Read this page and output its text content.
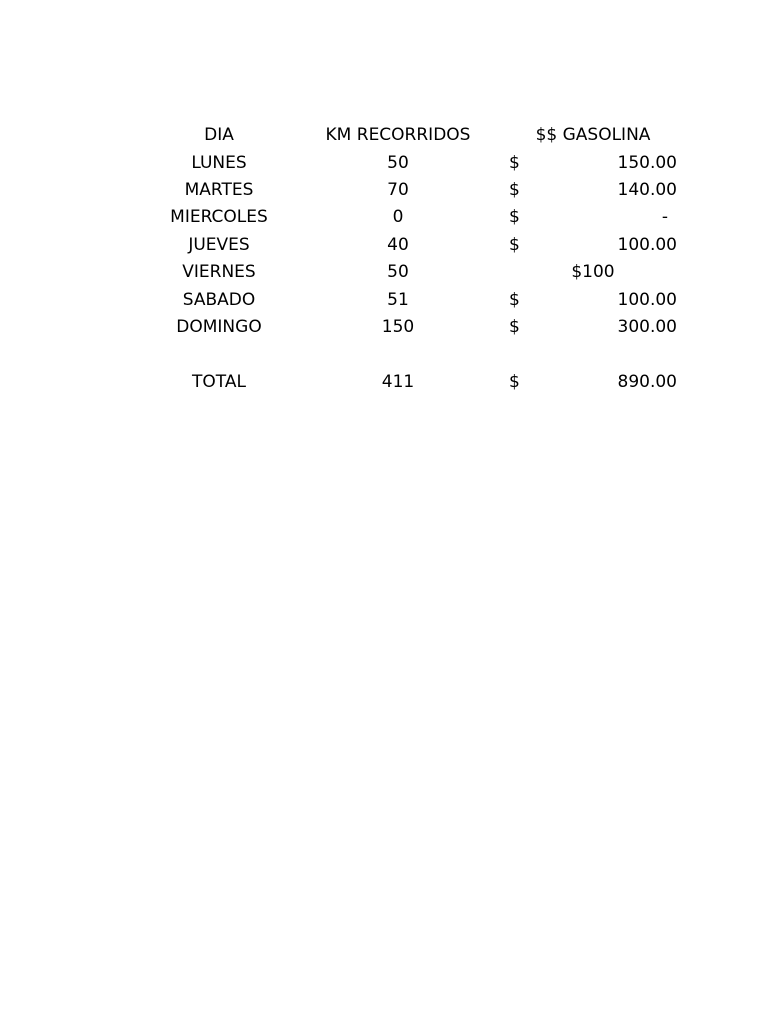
DIA	KM RECORRIDOS	$$ GASOLINA
LUNES	50	$	150.00
MARTES	70	$	140.00
MIERCOLES	0	$	-
JUEVES	40	$	100.00
VIERNES	50	$100
SABADO	51	$	100.00
DOMINGO	150	$	300.00
TOTAL	411	$	890.00
